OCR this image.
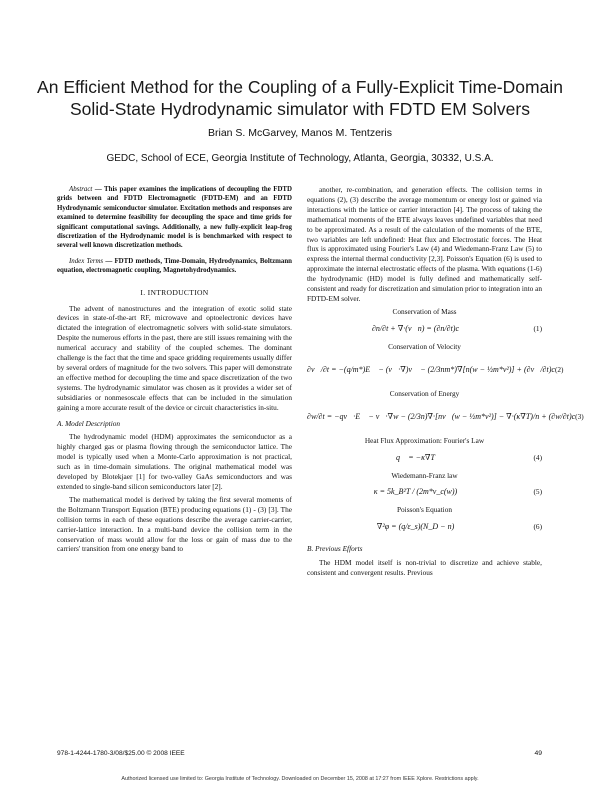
An Efficient Method for the Coupling of a Fully-Explicit Time-Domain Solid-State Hydrodynamic simulator with FDTD EM Solvers
Brian S. McGarvey, Manos M. Tentzeris
GEDC, School of ECE, Georgia Institute of Technology, Atlanta, Georgia, 30332, U.S.A.
Abstract — This paper examines the implications of decoupling the FDTD grids between and FDTD Electromagnetic (FDTD-EM) and an FDTD Hydrodynamic semiconductor simulator. Excitation methods and responses are examined to determine feasibility for decoupling the space and time grids for significant computational savings. Additionally, a new fully-explicit leap-frog discretization of the Hydrodynamic model is is benchmarked with respect to several well known discretization methods.
Index Terms — FDTD methods, Time-Domain, Hydrodynamics, Boltzmann equation, electromagnetic coupling, Magnetohydrodynamics.
I. INTRODUCTION

The advent of nanostructures and the integration of exotic solid state devices in state-of-the-art RF, microwave and optoelectronic devices have dictated the integration of electromagnetic solvers with solid-state simulators. Despite the numerous efforts in the past, there are still issues remaining with the numerical accuracy and stability of the coupled schemes. The dominant challenge is the fact that the time and space gridding requirements usually differ by several orders of magnitude for the two solvers. This paper will demonstrate an effective method for decoupling the time and space discretization of the two systems. The hydrodynamic simulator was chosen as it provides a wider set of subsidiaries or nonmesoscale effects that can be included in the simulation gaining a more accurate result of the device or circuit characteristics in-situ.

A. Model Description

The hydrodynamic model (HDM) approximates the semiconductor as a highly charged gas or plasma flowing through the semiconductor lattice. The model is typically used when a Monte-Carlo approximation is not practical, such as in time-domain simulations. The original mathematical model was developed by Blotekjaer [1] for two-valley GaAs semiconductors and was extended to single-band silicon semiconductors later [2].

The mathematical model is derived by taking the first several moments of the Boltzmann Transport Equation (BTE) producing equations (1) - (3) [3]. The collision terms in each of these equations describe the average carrier-carrier, carrier-lattice interaction. In a multi-band device the collision term in the conservation of mass would allow for the loss or gain of mass due to the carriers' transition from one energy band to

another, re-combination, and generation effects. The collision terms in equations (2), (3) describe the average momentum or energy lost or gained via interactions with the lattice or carrier interaction [4]. The process of taking the mathematical moments of the BTE always leaves undefined variables that need to be approximated. As a result of the calculation of the moments of the BTE, two variables are left undefined: Heat flux and Electrostatic forces. The Heat flux is approximated using Fourier's Law (4) and Wiedemann-Franz Law (5) to express the internal thermal conductivity [2,3]. Poisson's Equation (6) is used to approximate the internal electrostatic effects of the plasma. With equations (1-6) the hydrodynamic (HD) model is fully defined and mathematically self-consistent and ready for discretization and simulation prior to integration into an FDTD-EM solver.

Conservation of Mass
∂n/∂t + ∇·(v⃗n) = (∂n/∂t)c	(1)
Conservation of Velocity
∂v⃗/∂t = −(q/m*)E⃗ − (v⃗·∇)v⃗ − (2/3nm*)∇[n(w − ½m*v²)] + (∂v⃗/∂t)c (2)
Conservation of Energy
∂w/∂t = −qv⃗·E⃗ − v⃗·∇w − (2/3n)∇·[nv⃗(w − ½m*v²)] − ∇·(κ∇T)/n + (∂w/∂t)c (3)
Heat Flux Approximation: Fourier's Law
q⃗ = −κ∇T	(4)
Wiedemann-Franz law
κ = 5k_B²T / (2m*v_c(w))	(5)
Poisson's Equation
∇²φ = (q/ε_s)(N_D − n)	(6)
B. Previous Efforts

The HDM model itself is non-trivial to discretize and achieve stable, consistent and convergent results. Previous

978-1-4244-1780-3/08/$25.00 © 2008 IEEE	49
Authorized licensed use limited to: Georgia Institute of Technology. Downloaded on December 15, 2008 at 17:27 from IEEE Xplore. Restrictions apply.
